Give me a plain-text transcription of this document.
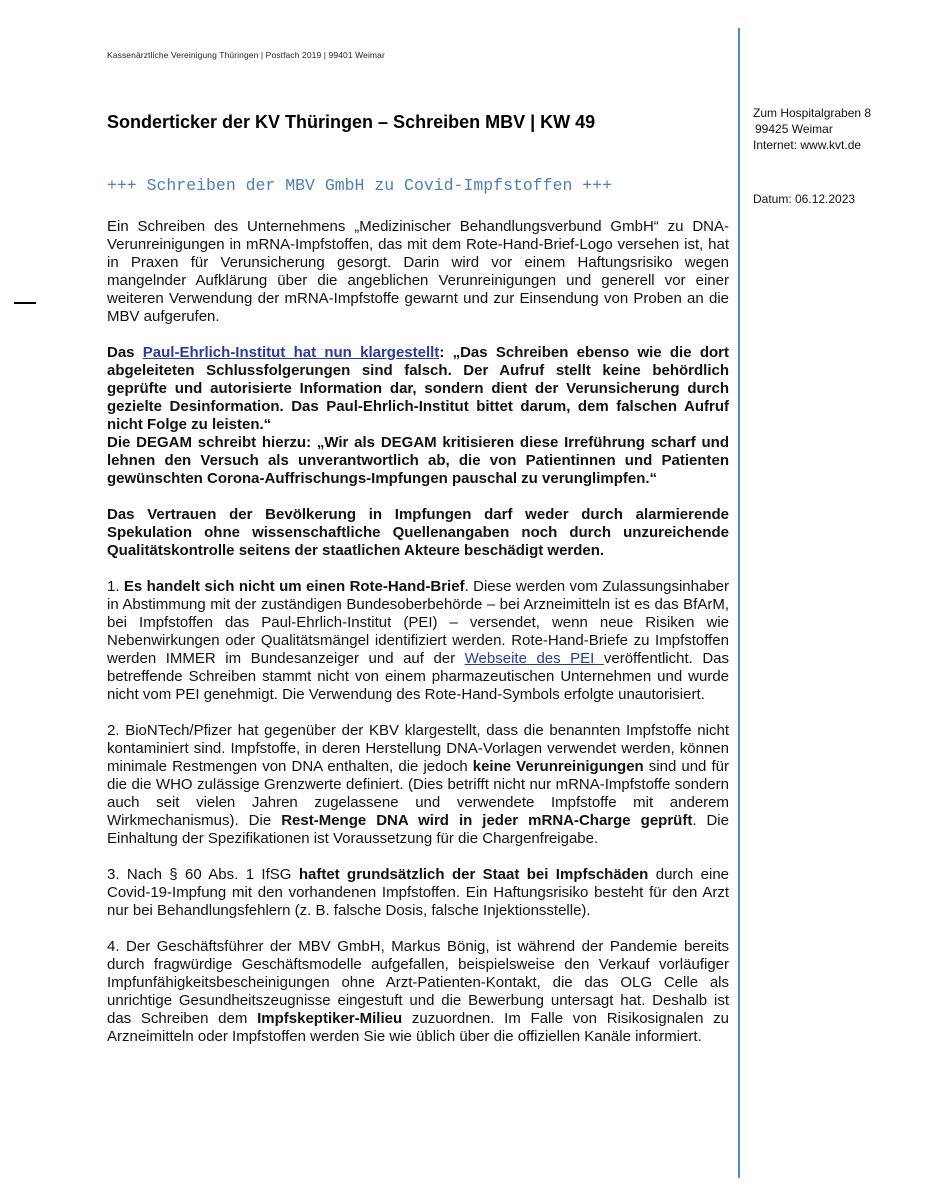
Kassenärztliche Vereinigung Thüringen | Postfach 2019 | 99401 Weimar
Sonderticker der KV Thüringen – Schreiben MBV | KW 49	Zum Hospitalgraben 8
99425 Weimar
Internet: www.kvt.de
Datum: 06.12.2023
+++ Schreiben der MBV GmbH zu Covid-Impfstoffen +++

Ein Schreiben des Unternehmens „Medizinischer Behandlungsverbund GmbH“ zu DNA-Verunreinigungen in mRNA-Impfstoffen, das mit dem Rote-Hand-Brief-Logo versehen ist, hat in Praxen für Verunsicherung gesorgt. Darin wird vor einem Haftungsrisiko wegen mangelnder Aufklärung über die angeblichen Verunreinigungen und generell vor einer weiteren Verwendung der mRNA-Impfstoffe gewarnt und zur Einsendung von Proben an die MBV aufgerufen.

Das Paul-Ehrlich-Institut hat nun klargestellt: „Das Schreiben ebenso wie die dort abgeleiteten Schlussfolgerungen sind falsch. Der Aufruf stellt keine behördlich geprüfte und autorisierte Information dar, sondern dient der Verunsicherung durch gezielte Desinformation. Das Paul-Ehrlich-Institut bittet darum, dem falschen Aufruf nicht Folge zu leisten.“

Die DEGAM schreibt hierzu: „Wir als DEGAM kritisieren diese Irreführung scharf und lehnen den Versuch als unverantwortlich ab, die von Patientinnen und Patienten gewünschten Corona-Auffrischungs-Impfungen pauschal zu verunglimpfen.“

Das Vertrauen der Bevölkerung in Impfungen darf weder durch alarmierende Spekulation ohne wissenschaftliche Quellenangaben noch durch unzureichende Qualitätskontrolle seitens der staatlichen Akteure beschädigt werden.

1. Es handelt sich nicht um einen Rote-Hand-Brief. Diese werden vom Zulassungsinhaber in Abstimmung mit der zuständigen Bundesoberbehörde – bei Arzneimitteln ist es das BfArM, bei Impfstoffen das Paul-Ehrlich-Institut (PEI) – versendet, wenn neue Risiken wie Nebenwirkungen oder Qualitätsmängel identifiziert werden. Rote-Hand-Briefe zu Impfstoffen werden IMMER im Bundesanzeiger und auf der Webseite des PEI veröffentlicht. Das betreffende Schreiben stammt nicht von einem pharmazeutischen Unternehmen und wurde nicht vom PEI genehmigt. Die Verwendung des Rote-Hand-Symbols erfolgte unautorisiert.

2. BioNTech/Pfizer hat gegenüber der KBV klargestellt, dass die benannten Impfstoffe nicht kontaminiert sind. Impfstoffe, in deren Herstellung DNA-Vorlagen verwendet werden, können minimale Restmengen von DNA enthalten, die jedoch keine Verunreinigungen sind und für die die WHO zulässige Grenzwerte definiert. (Dies betrifft nicht nur mRNA-Impfstoffe sondern auch seit vielen Jahren zugelassene und verwendete Impfstoffe mit anderem Wirkmechanismus). Die Rest-Menge DNA wird in jeder mRNA-Charge geprüft. Die Einhaltung der Spezifikationen ist Voraussetzung für die Chargenfreigabe.

3. Nach § 60 Abs. 1 IfSG haftet grundsätzlich der Staat bei Impfschäden durch eine Covid-19-Impfung mit den vorhandenen Impfstoffen. Ein Haftungsrisiko besteht für den Arzt nur bei Behandlungsfehlern (z. B. falsche Dosis, falsche Injektionsstelle).

4. Der Geschäftsführer der MBV GmbH, Markus Bönig, ist während der Pandemie bereits durch fragwürdige Geschäftsmodelle aufgefallen, beispielsweise den Verkauf vorläufiger Impfunfähigkeitsbescheinigungen ohne Arzt-Patienten-Kontakt, die das OLG Celle als unrichtige Gesundheitszeugnisse eingestuft und die Bewerbung untersagt hat. Deshalb ist das Schreiben dem Impfskeptiker-Milieu zuzuordnen. Im Falle von Risikosignalen zu Arzneimitteln oder Impfstoffen werden Sie wie üblich über die offiziellen Kanäle informiert.
